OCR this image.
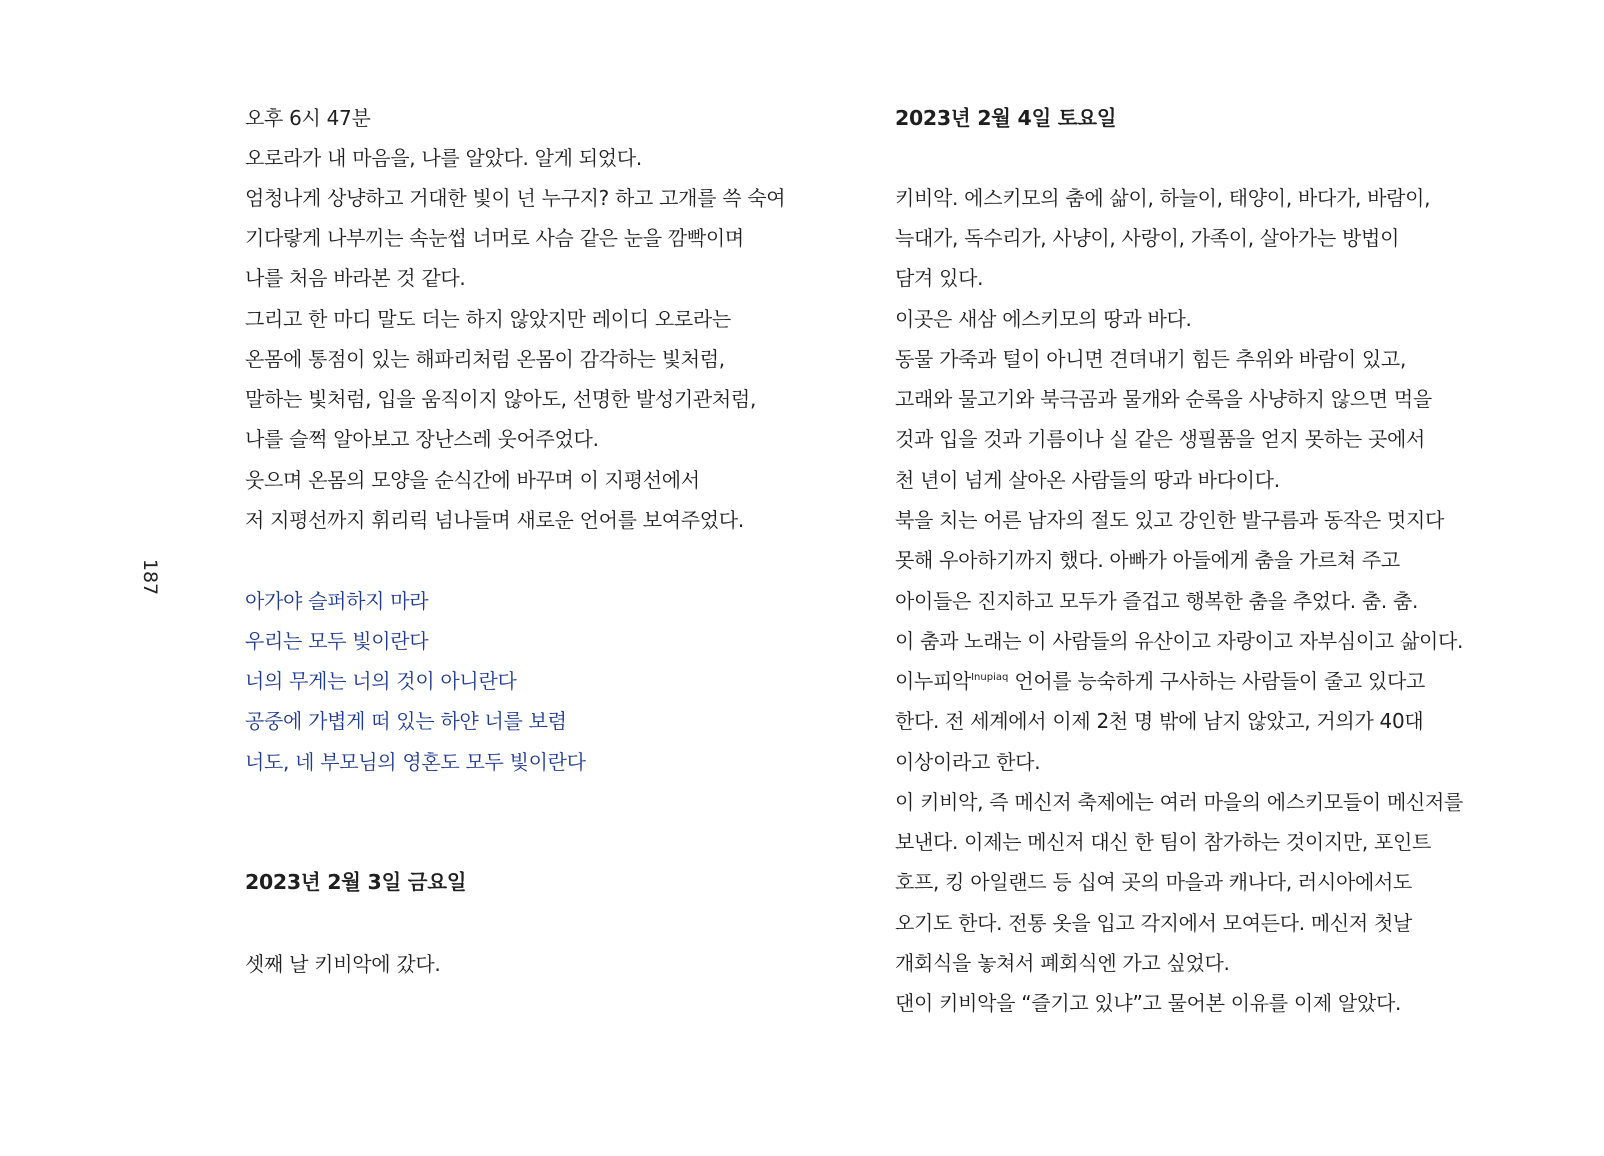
187
오후 6시 47분
오로라가 내 마음을, 나를 알았다. 알게 되었다.
엄청나게 상냥하고 거대한 빛이 넌 누구지? 하고 고개를 쓱 숙여
기다랗게 나부끼는 속눈썹 너머로 사슴 같은 눈을 깜빡이며
나를 처음 바라본 것 같다.
그리고 한 마디 말도 더는 하지 않았지만 레이디 오로라는
온몸에 통점이 있는 해파리처럼 온몸이 감각하는 빛처럼,
말하는 빛처럼, 입을 움직이지 않아도, 선명한 발성기관처럼,
나를 슬쩍 알아보고 장난스레 웃어주었다.
웃으며 온몸의 모양을 순식간에 바꾸며 이 지평선에서
저 지평선까지 휘리릭 넘나들며 새로운 언어를 보여주었다.
아가야 슬퍼하지 마라
우리는 모두 빛이란다
너의 무게는 너의 것이 아니란다
공중에 가볍게 떠 있는 하얀 너를 보렴
너도, 네 부모님의 영혼도 모두 빛이란다
2023년 2월 3일 금요일
셋째 날 키비악에 갔다.
2023년 2월 4일 토요일
키비악. 에스키모의 춤에 삶이, 하늘이, 태양이, 바다가, 바람이,
늑대가, 독수리가, 사냥이, 사랑이, 가족이, 살아가는 방법이
담겨 있다.
이곳은 새삼 에스키모의 땅과 바다.
동물 가죽과 털이 아니면 견뎌내기 힘든 추위와 바람이 있고,
고래와 물고기와 북극곰과 물개와 순록을 사냥하지 않으면 먹을
것과 입을 것과 기름이나 실 같은 생필품을 얻지 못하는 곳에서
천 년이 넘게 살아온 사람들의 땅과 바다이다.
북을 치는 어른 남자의 절도 있고 강인한 발구름과 동작은 멋지다
못해 우아하기까지 했다. 아빠가 아들에게 춤을 가르쳐 주고
아이들은 진지하고 모두가 즐겁고 행복한 춤을 추었다. 춤. 춤.
이 춤과 노래는 이 사람들의 유산이고 자랑이고 자부심이고 삶이다.
이누피악$^{Inupiaq}$ 언어를 능숙하게 구사하는 사람들이 줄고 있다고
한다. 전 세계에서 이제 2천 명 밖에 남지 않았고, 거의가 40대
이상이라고 한다.
이 키비악, 즉 메신저 축제에는 여러 마을의 에스키모들이 메신저를
보낸다. 이제는 메신저 대신 한 팀이 참가하는 것이지만, 포인트
호프, 킹 아일랜드 등 십여 곳의 마을과 캐나다, 러시아에서도
오기도 한다. 전통 옷을 입고 각지에서 모여든다. 메신저 첫날
개회식을 놓쳐서 폐회식엔 가고 싶었다.
댄이 키비악을 “즐기고 있냐”고 물어본 이유를 이제 알았다.
